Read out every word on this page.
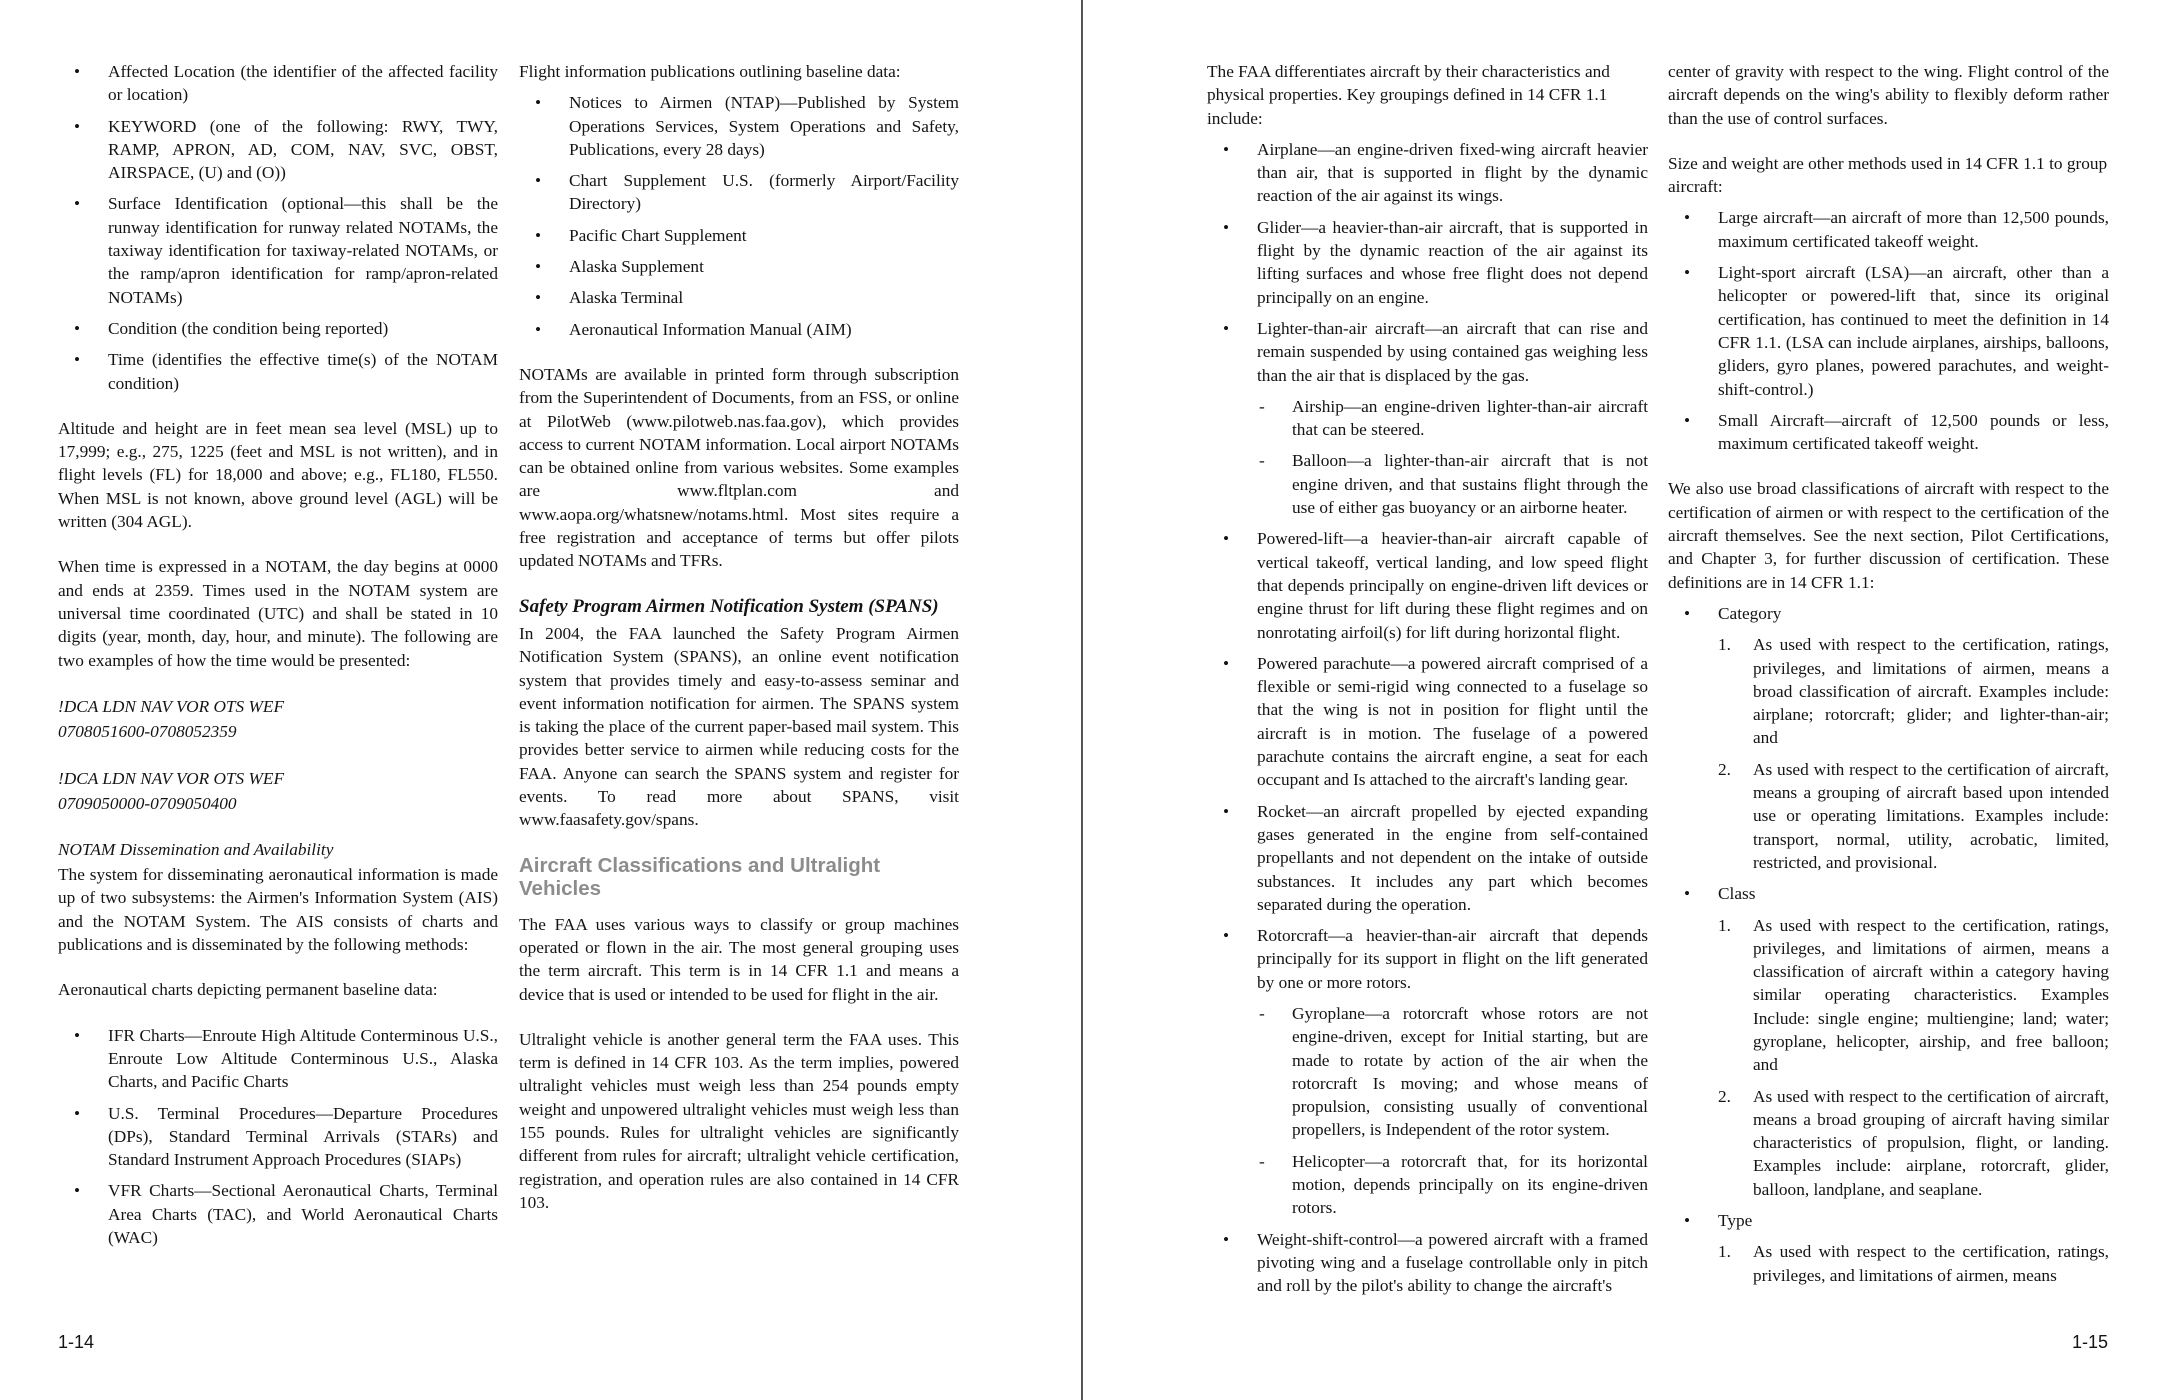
• Affected Location (the identifier of the affected facility or location)
• KEYWORD (one of the following: RWY, TWY, RAMP, APRON, AD, COM, NAV, SVC, OBST, AIRSPACE, (U) and (O))
• Surface Identification (optional—this shall be the runway identification for runway related NOTAMs, the taxiway identification for taxiway-related NOTAMs, or the ramp/apron identification for ramp/apron-related NOTAMs)
• Condition (the condition being reported)
• Time (identifies the effective time(s) of the NOTAM condition)

Altitude and height are in feet mean sea level (MSL) up to 17,999; e.g., 275, 1225 (feet and MSL is not written), and in flight levels (FL) for 18,000 and above; e.g., FL180, FL550. When MSL is not known, above ground level (AGL) will be written (304 AGL).

When time is expressed in a NOTAM, the day begins at 0000 and ends at 2359. Times used in the NOTAM system are universal time coordinated (UTC) and shall be stated in 10 digits (year, month, day, hour, and minute). The following are two examples of how the time would be presented:

!DCA LDN NAV VOR OTS WEF
0708051600-0708052359
!DCA LDN NAV VOR OTS WEF
0709050000-0709050400

NOTAM Dissemination and Availability

The system for disseminating aeronautical information is made up of two subsystems: the Airmen's Information System (AIS) and the NOTAM System. The AIS consists of charts and publications and is disseminated by the following methods:

Aeronautical charts depicting permanent baseline data:

• IFR Charts—Enroute High Altitude Conterminous U.S., Enroute Low Altitude Conterminous U.S., Alaska Charts, and Pacific Charts
• U.S. Terminal Procedures—Departure Procedures (DPs), Standard Terminal Arrivals (STARs) and Standard Instrument Approach Procedures (SIAPs)
• VFR Charts—Sectional Aeronautical Charts, Terminal Area Charts (TAC), and World Aeronautical Charts (WAC)

Flight information publications outlining baseline data:

• Notices to Airmen (NTAP)—Published by System Operations Services, System Operations and Safety, Publications, every 28 days)
• Chart Supplement U.S. (formerly Airport/Facility Directory)
• Pacific Chart Supplement
• Alaska Supplement
• Alaska Terminal
• Aeronautical Information Manual (AIM)

NOTAMs are available in printed form through subscription from the Superintendent of Documents, from an FSS, or online at PilotWeb (www.pilotweb.nas.faa.gov), which provides access to current NOTAM information. Local airport NOTAMs can be obtained online from various websites. Some examples are www.fltplan.com and www.aopa.org/whatsnew/notams.html. Most sites require a free registration and acceptance of terms but offer pilots updated NOTAMs and TFRs.

Safety Program Airmen Notification System (SPANS)

In 2004, the FAA launched the Safety Program Airmen Notification System (SPANS), an online event notification system that provides timely and easy-to-assess seminar and event information notification for airmen. The SPANS system is taking the place of the current paper-based mail system. This provides better service to airmen while reducing costs for the FAA. Anyone can search the SPANS system and register for events. To read more about SPANS, visit www.faasafety.gov/spans.

Aircraft Classifications and Ultralight Vehicles

The FAA uses various ways to classify or group machines operated or flown in the air. The most general grouping uses the term aircraft. This term is in 14 CFR 1.1 and means a device that is used or intended to be used for flight in the air.

Ultralight vehicle is another general term the FAA uses. This term is defined in 14 CFR 103. As the term implies, powered ultralight vehicles must weigh less than 254 pounds empty weight and unpowered ultralight vehicles must weigh less than 155 pounds. Rules for ultralight vehicles are significantly different from rules for aircraft; ultralight vehicle certification, registration, and operation rules are also contained in 14 CFR 103.

1-14

The FAA differentiates aircraft by their characteristics and physical properties. Key groupings defined in 14 CFR 1.1 include:

• Airplane—an engine-driven fixed-wing aircraft heavier than air, that is supported in flight by the dynamic reaction of the air against its wings.
• Glider—a heavier-than-air aircraft, that is supported in flight by the dynamic reaction of the air against its lifting surfaces and whose free flight does not depend principally on an engine.
• Lighter-than-air aircraft—an aircraft that can rise and remain suspended by using contained gas weighing less than the air that is displaced by the gas.
- Airship—an engine-driven lighter-than-air aircraft that can be steered.
- Balloon—a lighter-than-air aircraft that is not engine driven, and that sustains flight through the use of either gas buoyancy or an airborne heater.
• Powered-lift—a heavier-than-air aircraft capable of vertical takeoff, vertical landing, and low speed flight that depends principally on engine-driven lift devices or engine thrust for lift during these flight regimes and on nonrotating airfoil(s) for lift during horizontal flight.
• Powered parachute—a powered aircraft comprised of a flexible or semi-rigid wing connected to a fuselage so that the wing is not in position for flight until the aircraft is in motion. The fuselage of a powered parachute contains the aircraft engine, a seat for each occupant and Is attached to the aircraft's landing gear.
• Rocket—an aircraft propelled by ejected expanding gases generated in the engine from self-contained propellants and not dependent on the intake of outside substances. It includes any part which becomes separated during the operation.
• Rotorcraft—a heavier-than-air aircraft that depends principally for its support in flight on the lift generated by one or more rotors.
- Gyroplane—a rotorcraft whose rotors are not engine-driven, except for Initial starting, but are made to rotate by action of the air when the rotorcraft Is moving; and whose means of propulsion, consisting usually of conventional propellers, is Independent of the rotor system.
- Helicopter—a rotorcraft that, for its horizontal motion, depends principally on its engine-driven rotors.
• Weight-shift-control—a powered aircraft with a framed pivoting wing and a fuselage controllable only in pitch and roll by the pilot's ability to change the aircraft's

center of gravity with respect to the wing. Flight control of the aircraft depends on the wing's ability to flexibly deform rather than the use of control surfaces.

Size and weight are other methods used in 14 CFR 1.1 to group aircraft:

• Large aircraft—an aircraft of more than 12,500 pounds, maximum certificated takeoff weight.
• Light-sport aircraft (LSA)—an aircraft, other than a helicopter or powered-lift that, since its original certification, has continued to meet the definition in 14 CFR 1.1. (LSA can include airplanes, airships, balloons, gliders, gyro planes, powered parachutes, and weight-shift-control.)
• Small Aircraft—aircraft of 12,500 pounds or less, maximum certificated takeoff weight.

We also use broad classifications of aircraft with respect to the certification of airmen or with respect to the certification of the aircraft themselves. See the next section, Pilot Certifications, and Chapter 3, for further discussion of certification. These definitions are in 14 CFR 1.1:

• Category
1. As used with respect to the certification, ratings, privileges, and limitations of airmen, means a broad classification of aircraft. Examples include: airplane; rotorcraft; glider; and lighter-than-air; and
2. As used with respect to the certification of aircraft, means a grouping of aircraft based upon intended use or operating limitations. Examples include: transport, normal, utility, acrobatic, limited, restricted, and provisional.
• Class
1. As used with respect to the certification, ratings, privileges, and limitations of airmen, means a classification of aircraft within a category having similar operating characteristics. Examples Include: single engine; multiengine; land; water; gyroplane, helicopter, airship, and free balloon; and
2. As used with respect to the certification of aircraft, means a broad grouping of aircraft having similar characteristics of propulsion, flight, or landing. Examples include: airplane, rotorcraft, glider, balloon, landplane, and seaplane.
• Type
1. As used with respect to the certification, ratings, privileges, and limitations of airmen, means
1-15
